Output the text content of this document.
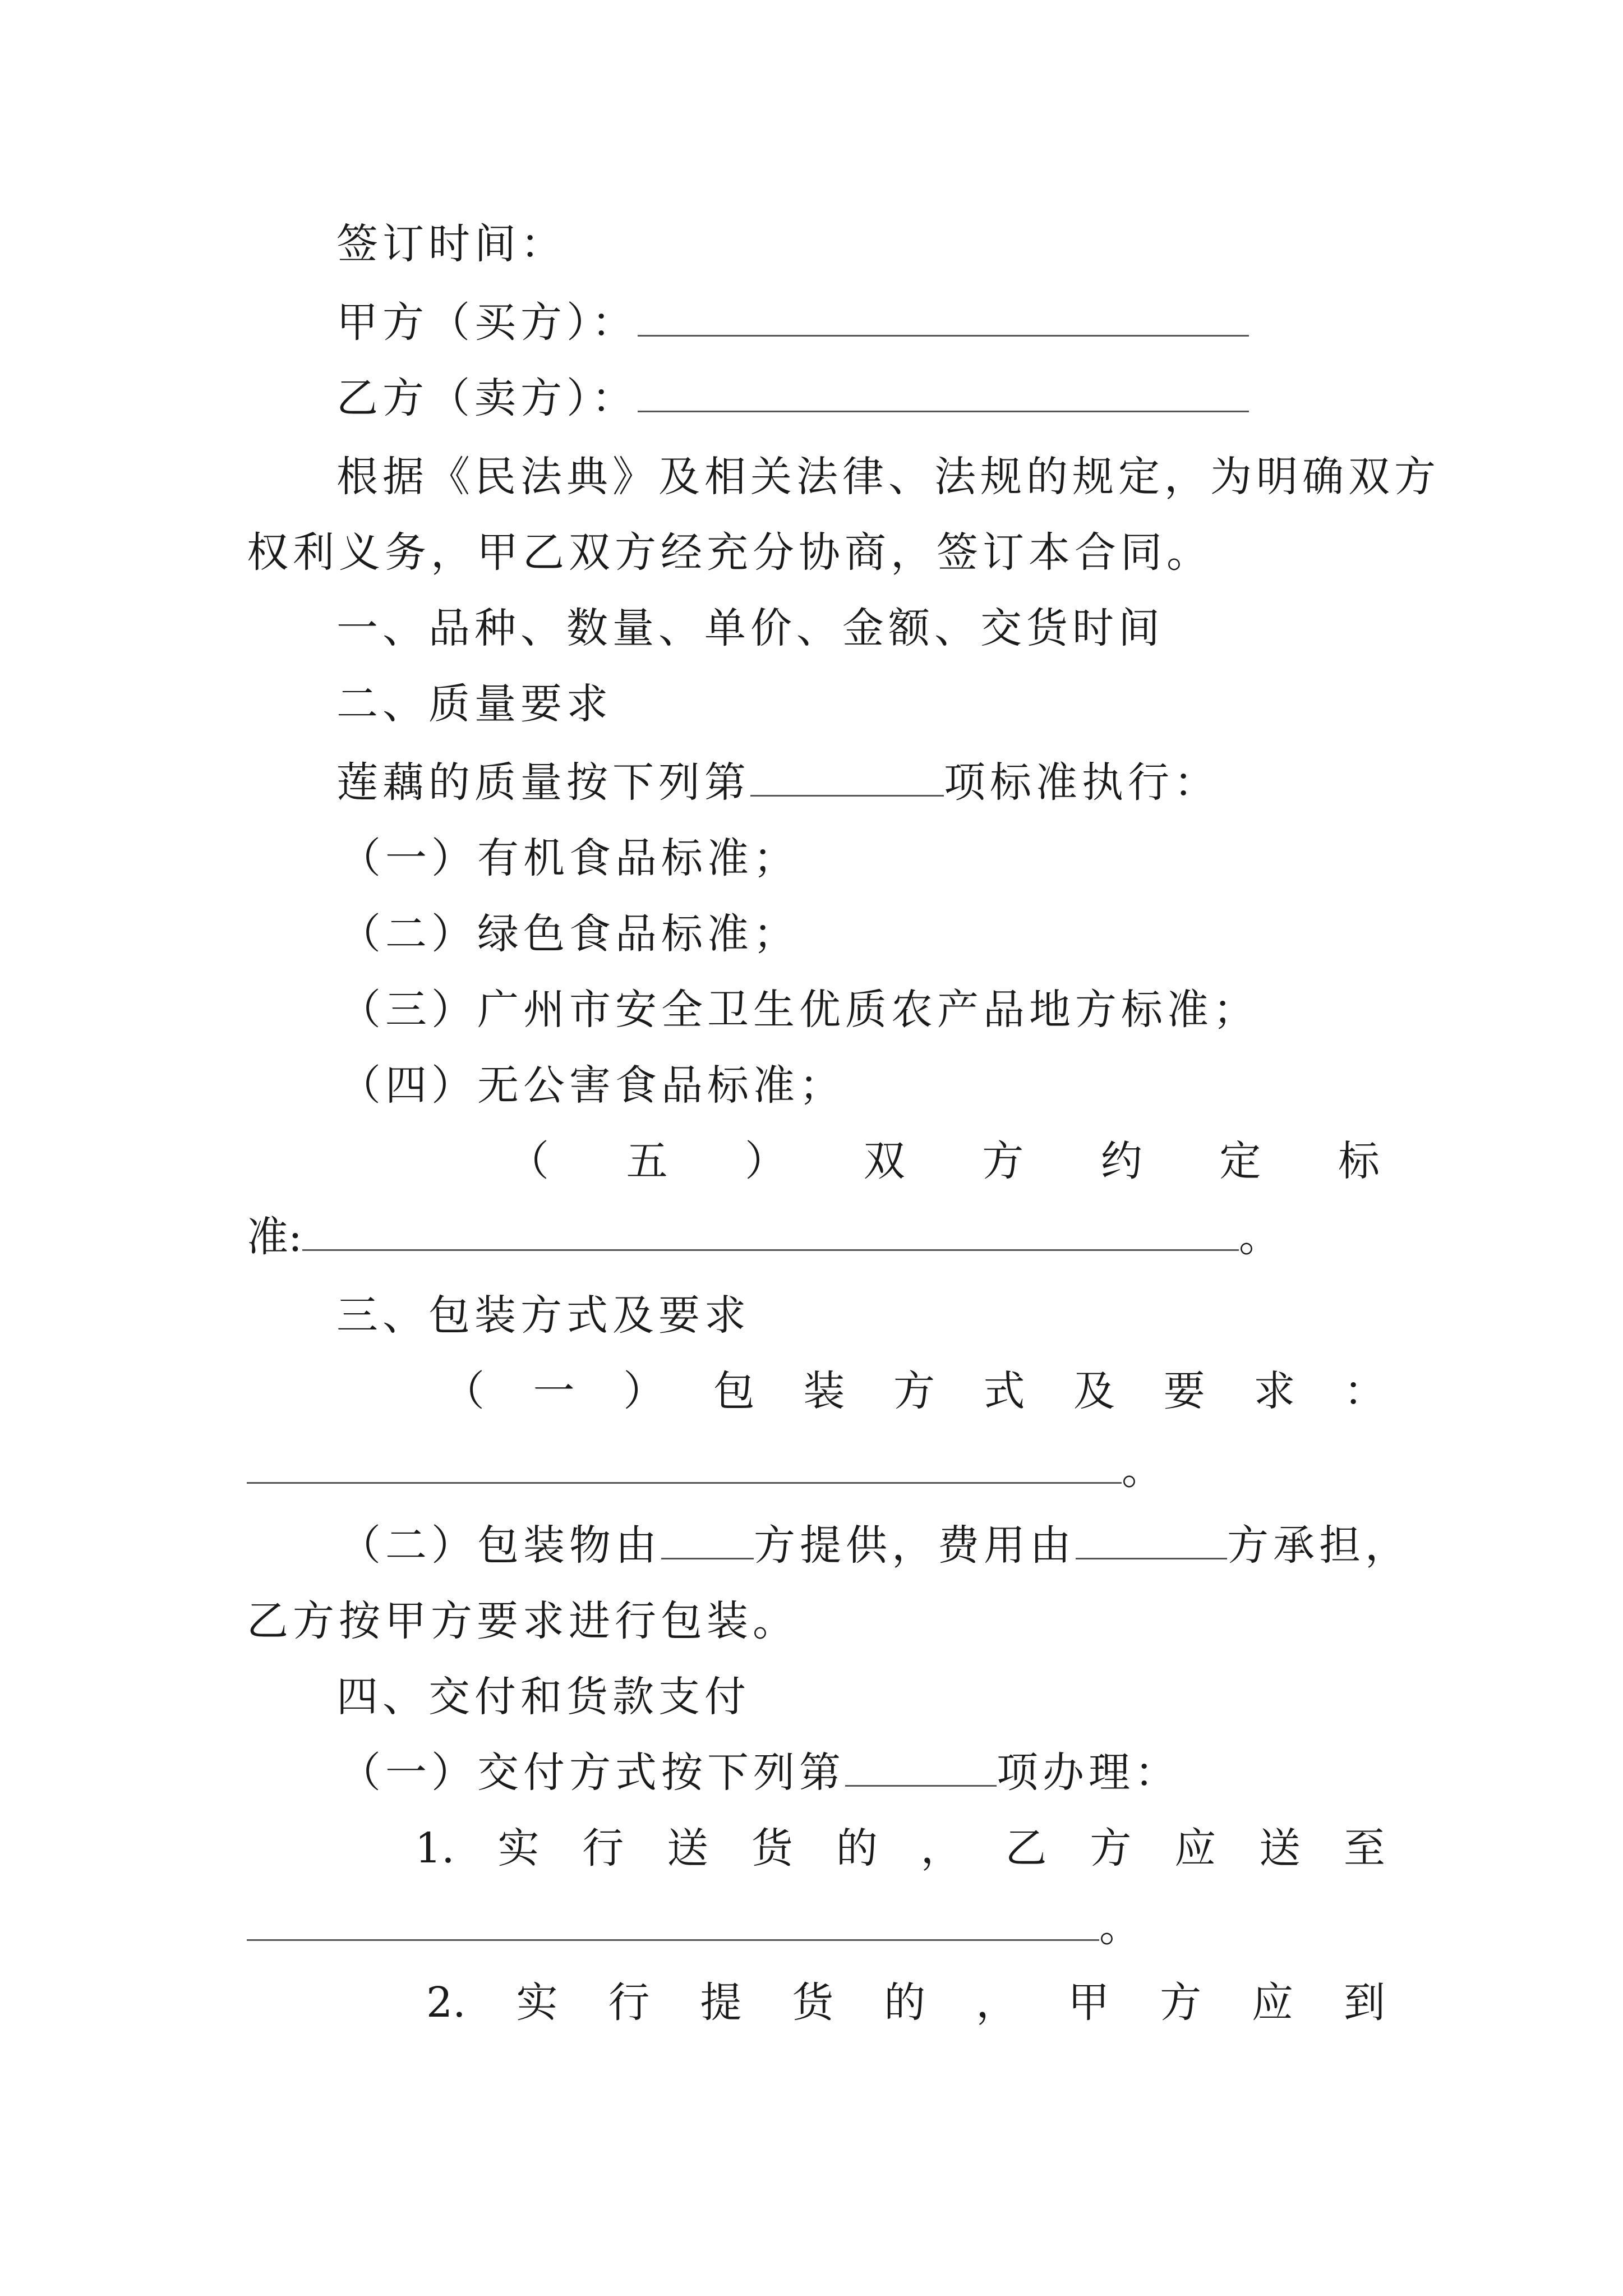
签订时间：
甲方（买方）：
乙方（卖方）：
根据《民法典》及相关法律、法规的规定，为明确双方
权利义务，甲乙双方经充分协商，签订本合同。
一、品种、数量、单价、金额、交货时间
二、质量要求
莲藕的质量按下列第	项标准执行：
（一）有机食品标准；
（二）绿色食品标准；
（三）广州市安全卫生优质农产品地方标准；
（四）无公害食品标准；
（ 五 ） 双 方 约 定 标
准:	。
三、包装方式及要求
（ 一 ） 包 装 方 式 及 要 求 ：
。
（二）包装物由 方提供，费用由	方承担，
乙方按甲方要求进行包装。
四、交付和货款支付
（一）交付方式按下列第	项办理：
1. 实 行 送 货 的 ， 乙 方 应 送 至
。
2. 实 行 提 货 的 ， 甲 方 应 到
